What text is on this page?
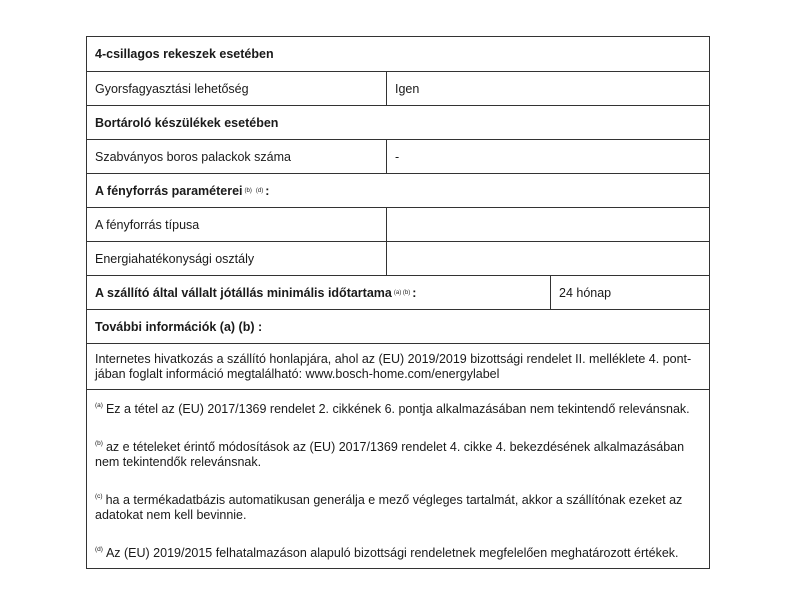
4-csillagos rekeszek esetében
Gyorsfagyasztási lehetőség	Igen
Bortároló készülékek esetében
Szabványos boros palackok száma	-
A fényforrás paraméterei (b) (d) :
A fényforrás típusa
Energiahatékonysági osztály
A szállító által vállalt jótállás minimális időtartama (a) (b) :	24 hónap
További információk (a) (b) :
Internetes hivatkozás a szállító honlapjára, ahol az (EU) 2019/2019 bizottsági rendelet II. melléklete 4. pont-jában foglalt információ megtalálható: www.bosch-home.com/energylabel
$^{(a)}$ Ez a tétel az (EU) 2017/1369 rendelet 2. cikkének 6. pontja alkalmazásában nem tekintendő relevánsnak.
$^{(b)}$ az e tételeket érintő módosítások az (EU) 2017/1369 rendelet 4. cikke 4. bekezdésének alkalmazásában nem tekintendők relevánsnak.
$^{(c)}$ ha a termékadatbázis automatikusan generálja e mező végleges tartalmát, akkor a szállítónak ezeket az adatokat nem kell bevinnie.
$^{(d)}$ Az (EU) 2019/2015 felhatalmazáson alapuló bizottsági rendeletnek megfelelően meghatározott értékek.
